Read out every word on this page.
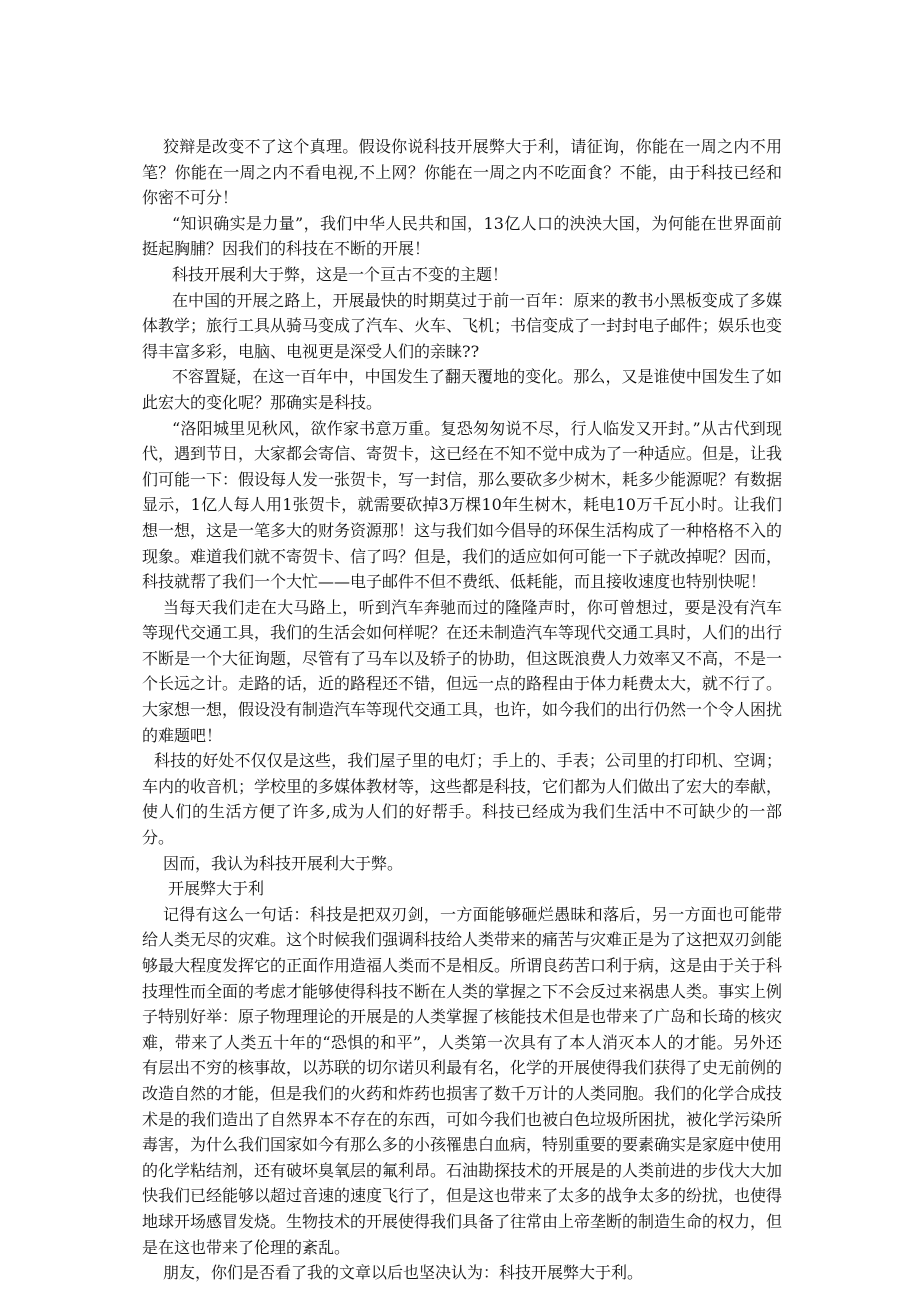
狡辩是改变不了这个真理。假设你说科技开展弊大于利，请征询，你能在一周之内不用笔？你能在一周之内不看电视,不上网？你能在一周之内不吃面食？不能，由于科技已经和你密不可分！

“知识确实是力量”，我们中华人民共和国，13亿人口的泱泱大国，为何能在世界面前挺起胸脯？因我们的科技在不断的开展！

科技开展利大于弊，这是一个亘古不变的主题！

在中国的开展之路上，开展最快的时期莫过于前一百年：原来的教书小黑板变成了多媒体教学；旅行工具从骑马变成了汽车、火车、飞机；书信变成了一封封电子邮件；娱乐也变得丰富多彩，电脑、电视更是深受人们的亲睐??

不容置疑，在这一百年中，中国发生了翻天覆地的变化。那么，又是谁使中国发生了如此宏大的变化呢？那确实是科技。

“洛阳城里见秋风，欲作家书意万重。复恐匆匆说不尽，行人临发又开封。”从古代到现代，遇到节日，大家都会寄信、寄贺卡，这已经在不知不觉中成为了一种适应。但是，让我们可能一下：假设每人发一张贺卡，写一封信，那么要砍多少树木，耗多少能源呢？有数据显示，1亿人每人用1张贺卡，就需要砍掉3万棵10年生树木，耗电10万千瓦小时。让我们想一想，这是一笔多大的财务资源那！这与我们如今倡导的环保生活构成了一种格格不入的现象。难道我们就不寄贺卡、信了吗？但是，我们的适应如何可能一下子就改掉呢？因而，科技就帮了我们一个大忙——电子邮件不但不费纸、低耗能，而且接收速度也特别快呢！

当每天我们走在大马路上，听到汽车奔驰而过的隆隆声时，你可曾想过，要是没有汽车等现代交通工具，我们的生活会如何样呢？在还未制造汽车等现代交通工具时，人们的出行不断是一个大征询题，尽管有了马车以及轿子的协助，但这既浪费人力效率又不高，不是一个长远之计。走路的话，近的路程还不错，但远一点的路程由于体力耗费太大，就不行了。大家想一想，假设没有制造汽车等现代交通工具，也许，如今我们的出行仍然一个令人困扰的难题吧！

科技的好处不仅仅是这些，我们屋子里的电灯；手上的、手表；公司里的打印机、空调；车内的收音机；学校里的多媒体教材等，这些都是科技，它们都为人们做出了宏大的奉献，使人们的生活方便了许多,成为人们的好帮手。科技已经成为我们生活中不可缺少的一部分。

因而，我认为科技开展利大于弊。

开展弊大于利

记得有这么一句话：科技是把双刃剑，一方面能够砸烂愚昧和落后，另一方面也可能带给人类无尽的灾难。这个时候我们强调科技给人类带来的痛苦与灾难正是为了这把双刃剑能够最大程度发挥它的正面作用造福人类而不是相反。所谓良药苦口利于病，这是由于关于科技理性而全面的考虑才能够使得科技不断在人类的掌握之下不会反过来祸患人类。事实上例子特别好举：原子物理理论的开展是的人类掌握了核能技术但是也带来了广岛和长琦的核灾难，带来了人类五十年的“恐惧的和平”，人类第一次具有了本人消灭本人的才能。另外还有层出不穷的核事故，以苏联的切尔诺贝利最有名，化学的开展使得我们获得了史无前例的改造自然的才能，但是我们的火药和炸药也损害了数千万计的人类同胞。我们的化学合成技术是的我们造出了自然界本不存在的东西，可如今我们也被白色垃圾所困扰，被化学污染所毒害，为什么我们国家如今有那么多的小孩罹患白血病，特别重要的要素确实是家庭中使用的化学粘结剂，还有破坏臭氧层的氟利昂。石油勘探技术的开展是的人类前进的步伐大大加快我们已经能够以超过音速的速度飞行了，但是这也带来了太多的战争太多的纷扰，也使得地球开场感冒发烧。生物技术的开展使得我们具备了往常由上帝垄断的制造生命的权力，但是在这也带来了伦理的紊乱。

朋友，你们是否看了我的文章以后也坚决认为：科技开展弊大于利。
